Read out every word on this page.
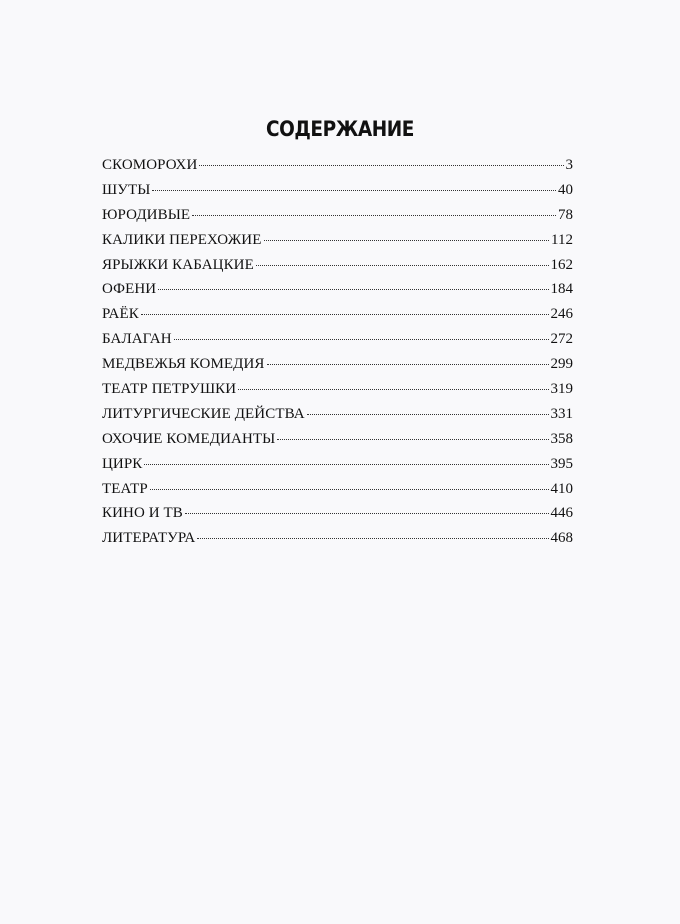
СОДЕРЖАНИЕ
СКОМОРОХИ	3
ШУТЫ	40
ЮРОДИВЫЕ	78
КАЛИКИ ПЕРЕХОЖИЕ	112
ЯРЫЖКИ КАБАЦКИЕ	162
ОФЕНИ	184
РАЁК	246
БАЛАГАН	272
МЕДВЕЖЬЯ КОМЕДИЯ	299
ТЕАТР ПЕТРУШКИ	319
ЛИТУРГИЧЕСКИЕ ДЕЙСТВА	331
ОХОЧИЕ КОМЕДИАНТЫ	358
ЦИРК	395
ТЕАТР	410
КИНО И ТВ	446
ЛИТЕРАТУРА	468
